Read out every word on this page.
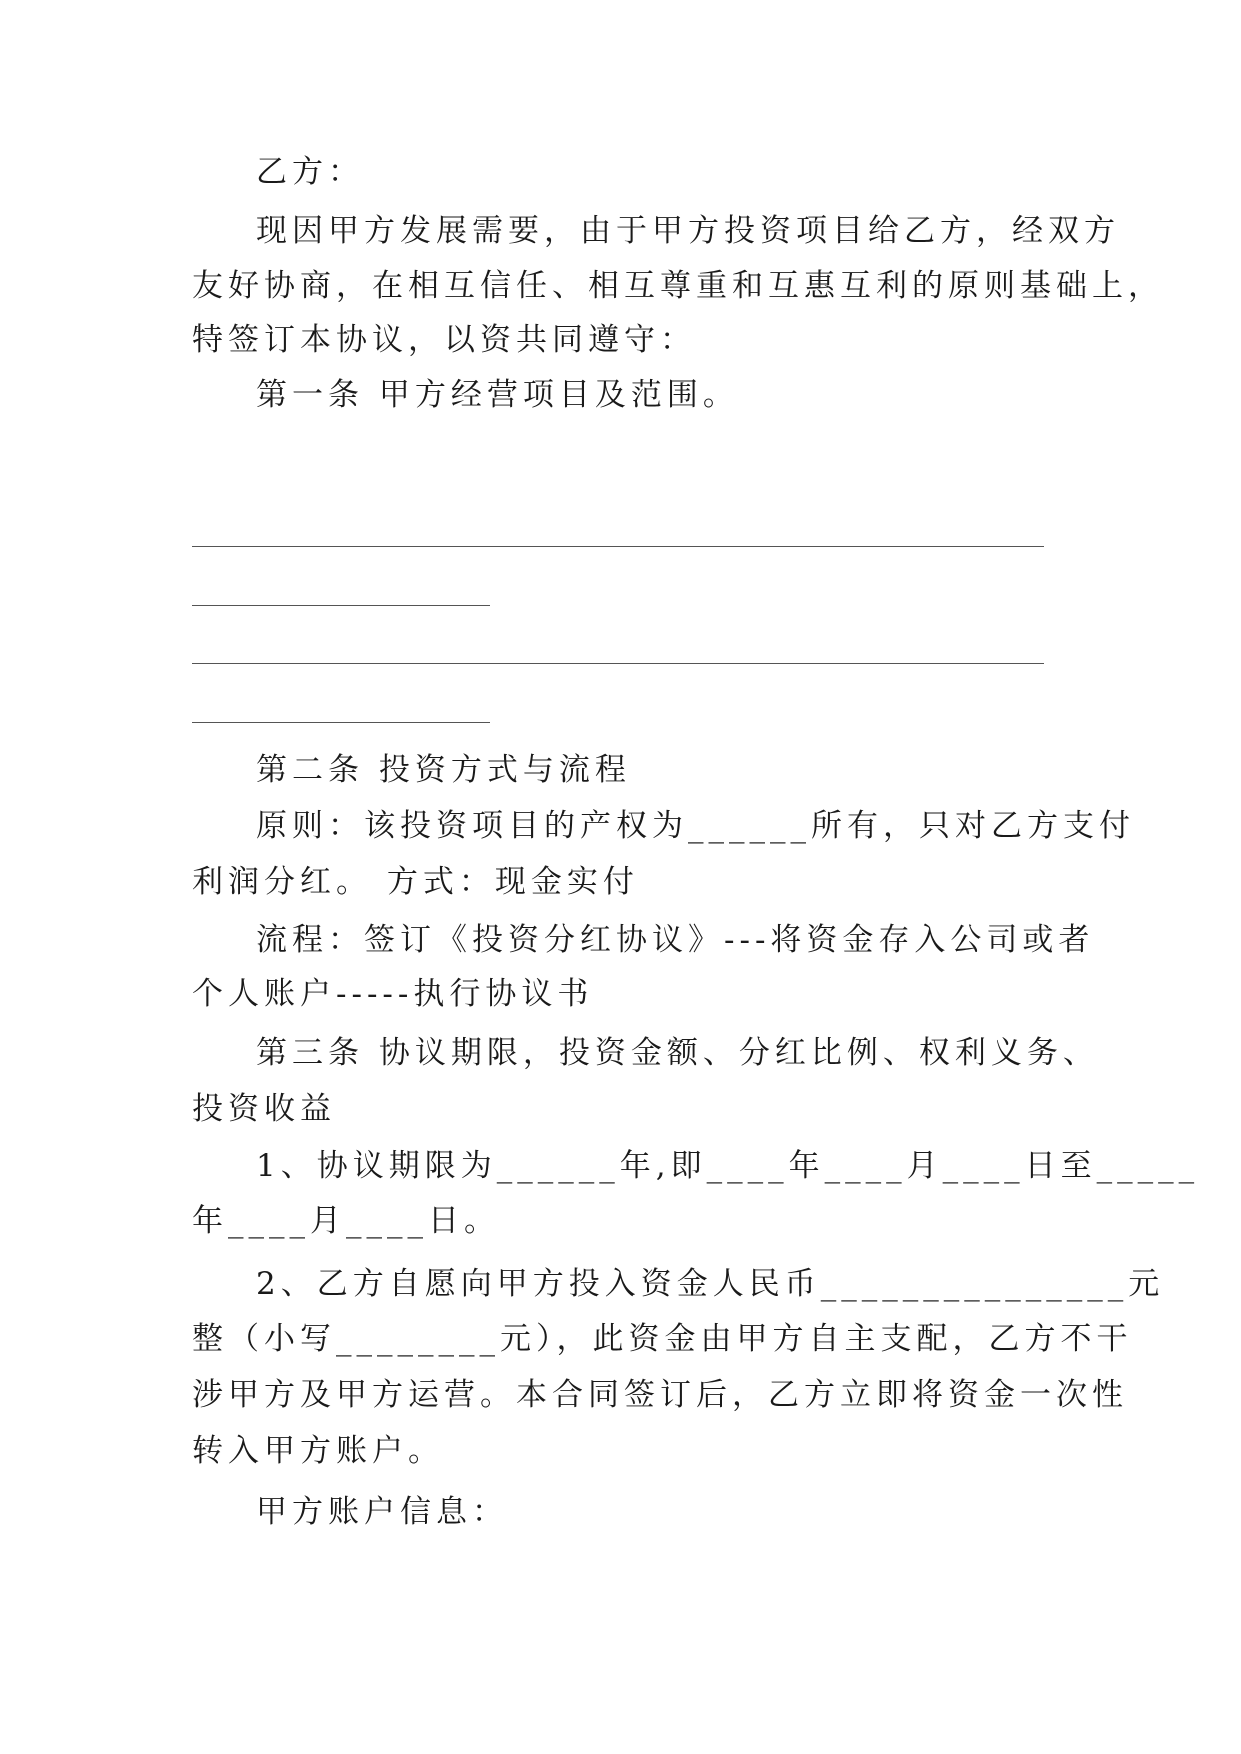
乙方：
现因甲方发展需要，由于甲方投资项目给乙方，经双方
友好协商，在相互信任、相互尊重和互惠互利的原则基础上，
特签订本协议，以资共同遵守：
第一条 甲方经营项目及范围。
第二条 投资方式与流程
原则：该投资项目的产权为______所有，只对乙方支付
利润分红。 方式：现金实付
流程：签订《投资分红协议》---将资金存入公司或者
个人账户-----执行协议书
第三条 协议期限，投资金额、分红比例、权利义务、
投资收益
1、协议期限为______年,即____年____月____日至_____
年____月____日。
2、乙方自愿向甲方投入资金人民币_______________元
整（小写________元），此资金由甲方自主支配，乙方不干
涉甲方及甲方运营。本合同签订后，乙方立即将资金一次性
转入甲方账户。
甲方账户信息：
